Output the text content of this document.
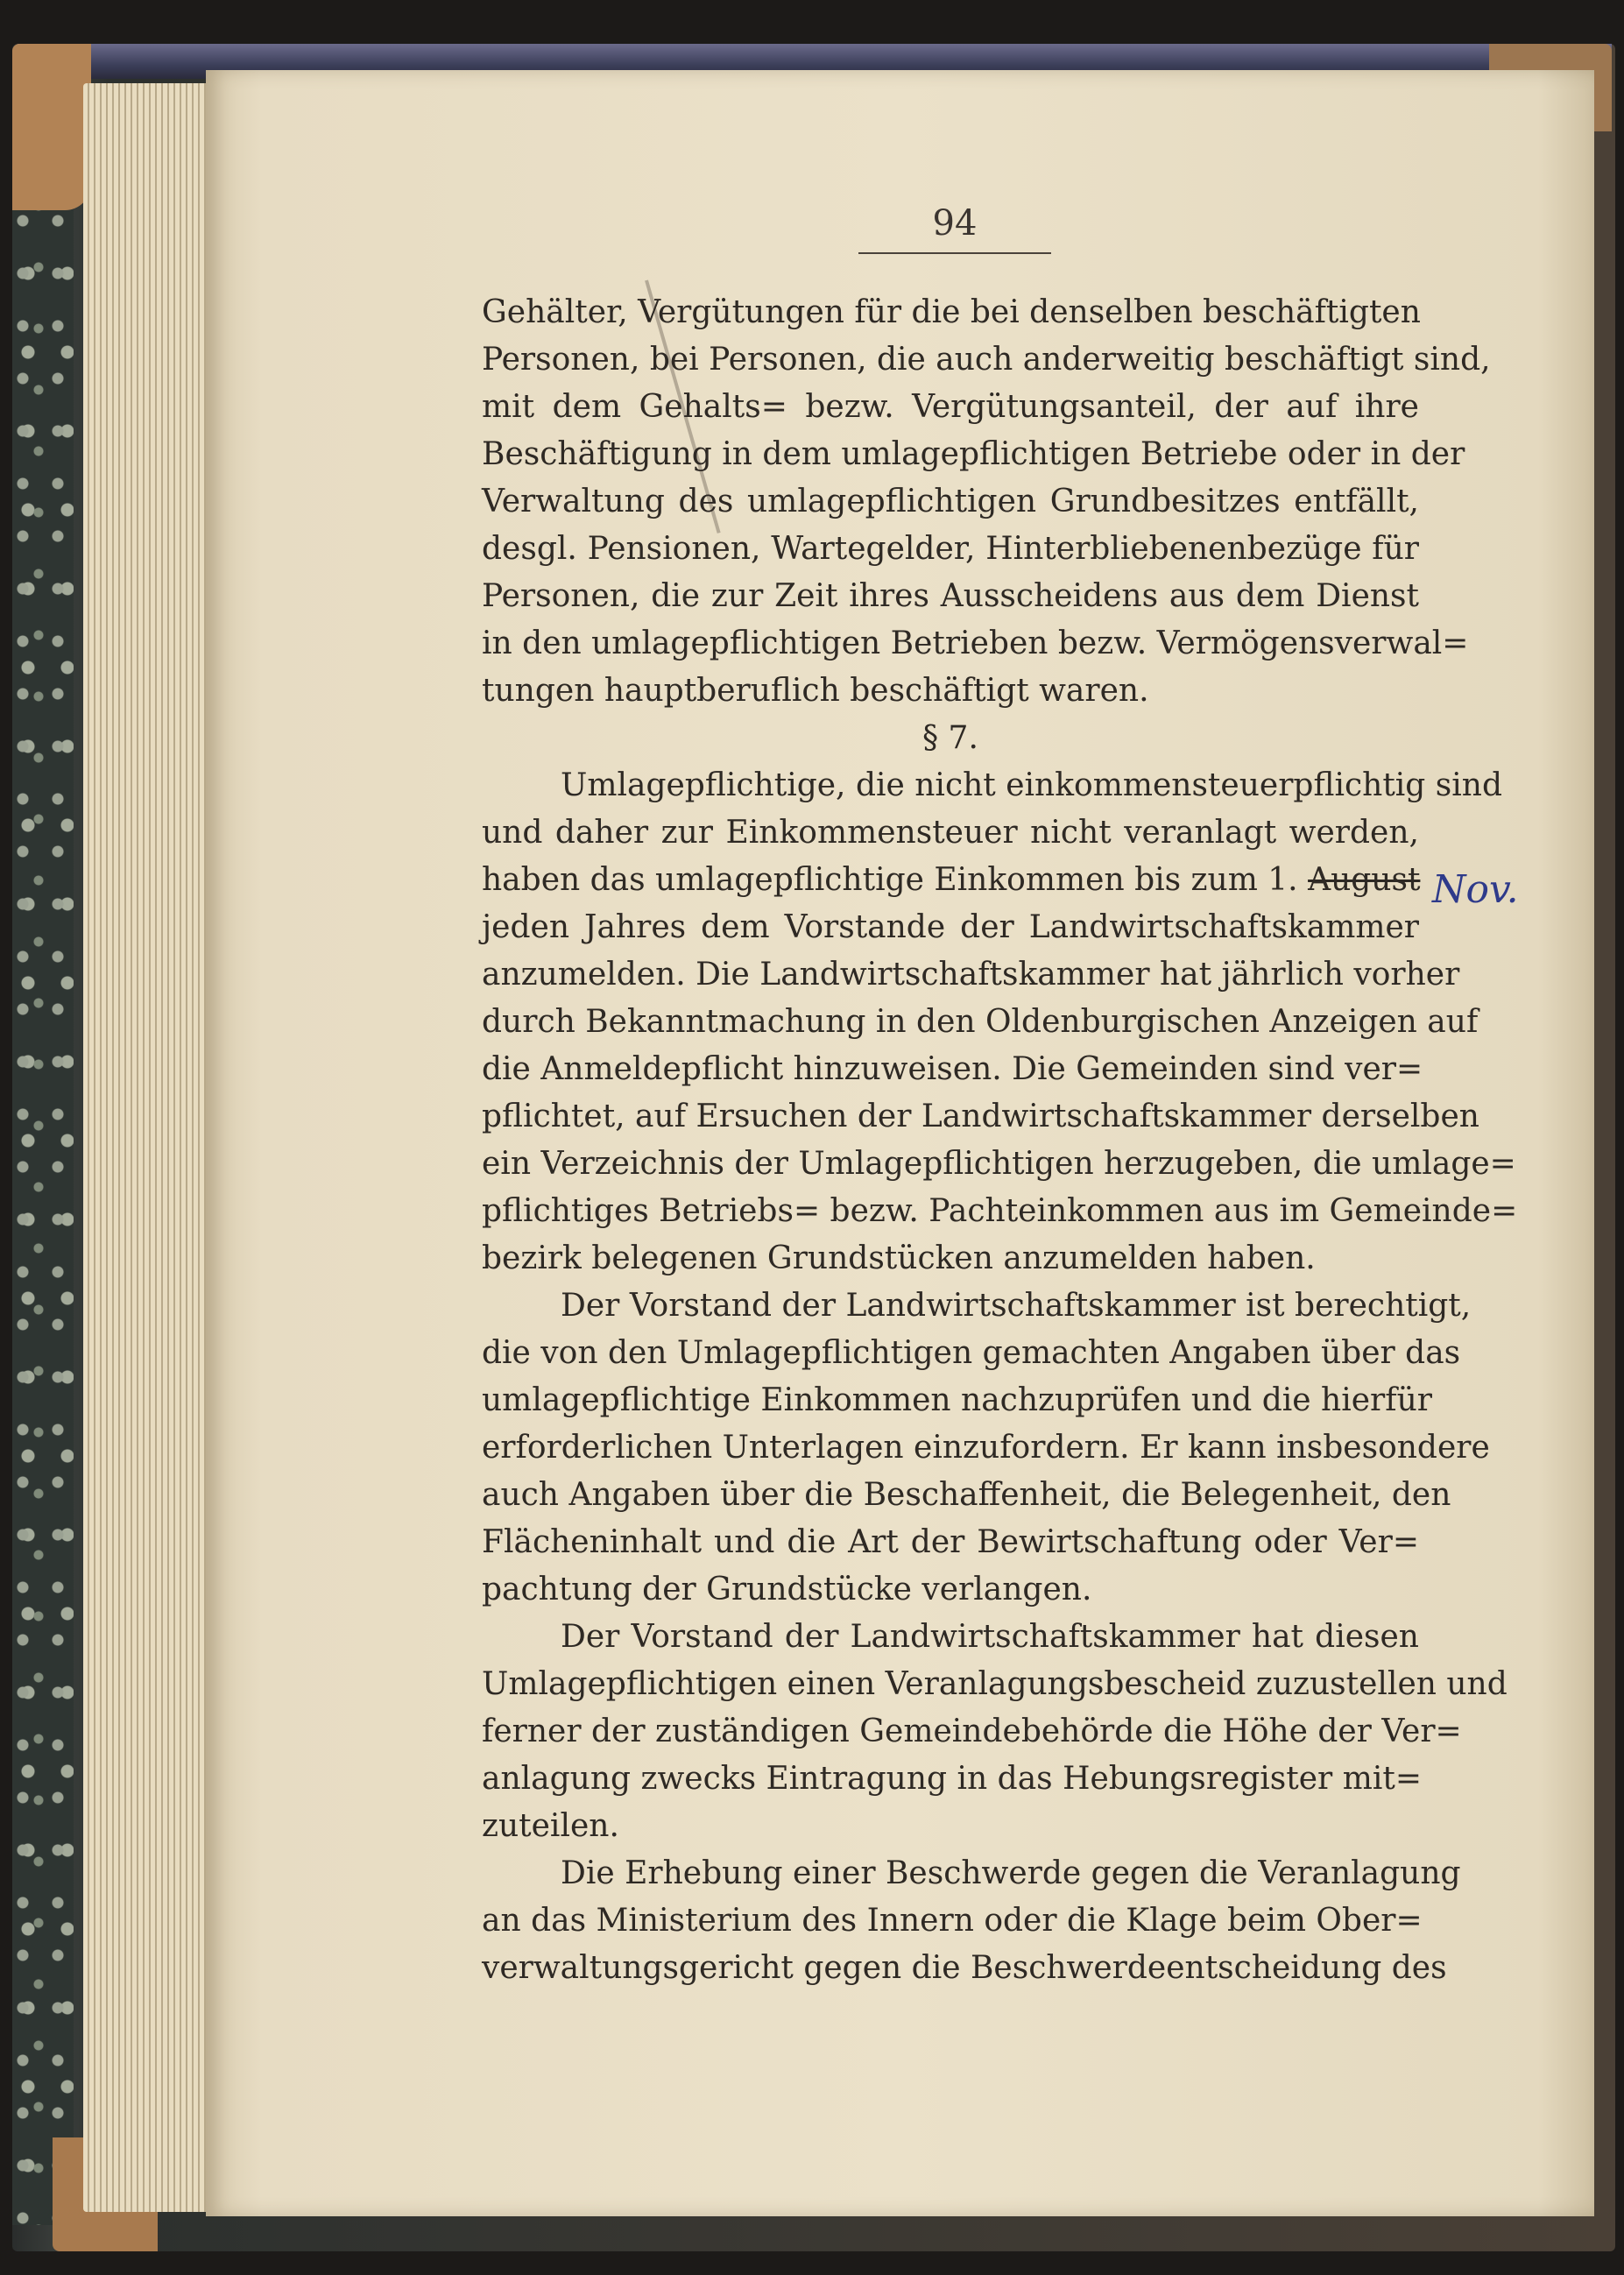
94
Gehälter, Vergütungen für die bei denselben beschäftigten
Personen, bei Personen, die auch anderweitig beschäftigt sind,
mit dem Gehalts= bezw. Vergütungsanteil, der auf ihre
Beschäftigung in dem umlagepflichtigen Betriebe oder in der
Verwaltung des umlagepflichtigen Grundbesitzes entfällt,
desgl. Pensionen, Wartegelder, Hinterbliebenenbezüge für
Personen, die zur Zeit ihres Ausscheidens aus dem Dienst
in den umlagepflichtigen Betrieben bezw. Vermögensverwal=
tungen hauptberuflich beschäftigt waren.
§ 7.
Umlagepflichtige, die nicht einkommensteuerpflichtig sind
und daher zur Einkommensteuer nicht veranlagt werden,
haben das umlagepflichtige Einkommen bis zum 1. August
jeden Jahres dem Vorstande der Landwirtschaftskammer
anzumelden. Die Landwirtschaftskammer hat jährlich vorher
durch Bekanntmachung in den Oldenburgischen Anzeigen auf
die Anmeldepflicht hinzuweisen. Die Gemeinden sind ver=
pflichtet, auf Ersuchen der Landwirtschaftskammer derselben
ein Verzeichnis der Umlagepflichtigen herzugeben, die umlage=
pflichtiges Betriebs= bezw. Pachteinkommen aus im Gemeinde=
bezirk belegenen Grundstücken anzumelden haben.
Der Vorstand der Landwirtschaftskammer ist berechtigt,
die von den Umlagepflichtigen gemachten Angaben über das
umlagepflichtige Einkommen nachzuprüfen und die hierfür
erforderlichen Unterlagen einzufordern. Er kann insbesondere
auch Angaben über die Beschaffenheit, die Belegenheit, den
Flächeninhalt und die Art der Bewirtschaftung oder Ver=
pachtung der Grundstücke verlangen.
Der Vorstand der Landwirtschaftskammer hat diesen
Umlagepflichtigen einen Veranlagungsbescheid zuzustellen und
ferner der zuständigen Gemeindebehörde die Höhe der Ver=
anlagung zwecks Eintragung in das Hebungsregister mit=
zuteilen.
Die Erhebung einer Beschwerde gegen die Veranlagung
an das Ministerium des Innern oder die Klage beim Ober=
verwaltungsgericht gegen die Beschwerdeentscheidung des
Nov.
